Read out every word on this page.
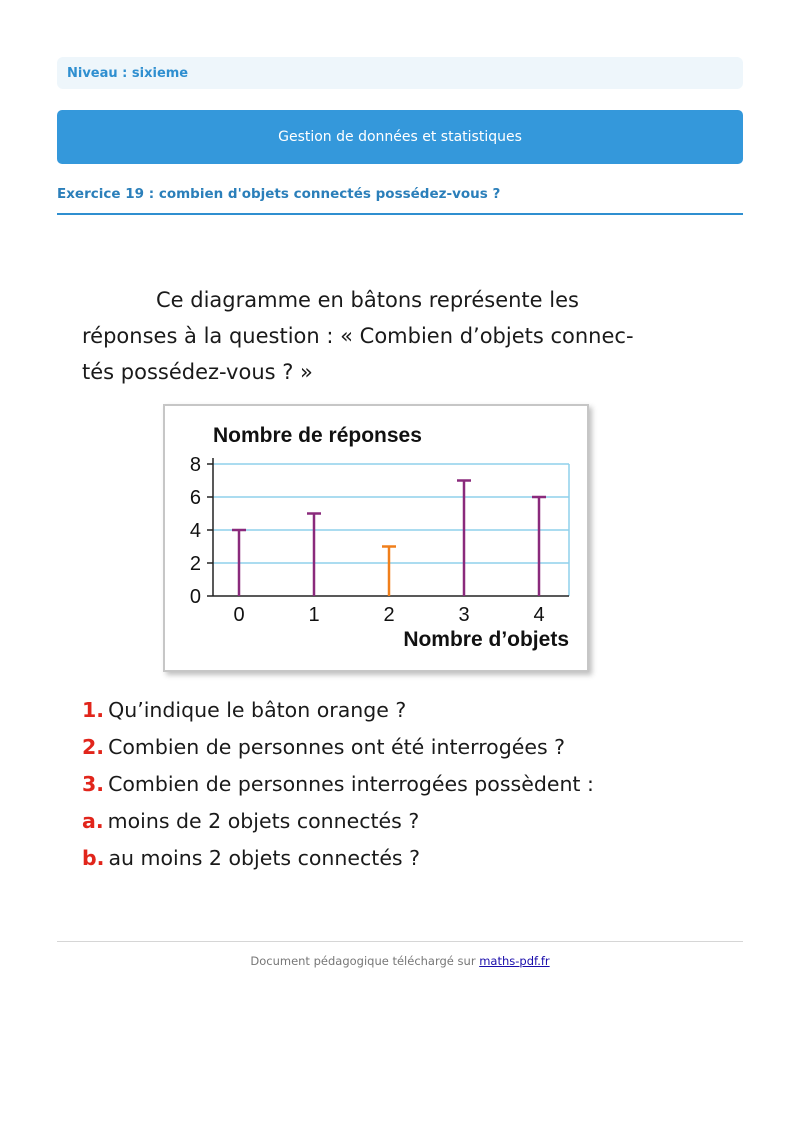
Niveau : sixieme
Gestion de données et statistiques
Exercice 19 : combien d'objets connectés possédez-vous ?

Ce diagramme en bâtons représente les
réponses à la question : « Combien d’objets connec-
tés possédez-vous ? »

Nombre de réponses
0
2
4
6
8
0	1	2	3	4
Nombre d’objets
1. Qu’indique le bâton orange ?
2. Combien de personnes ont été interrogées ?
3. Combien de personnes interrogées possèdent :
a. moins de 2 objets connectés ?
b. au moins 2 objets connectés ?
Document pédagogique téléchargé sur maths-pdf.fr
